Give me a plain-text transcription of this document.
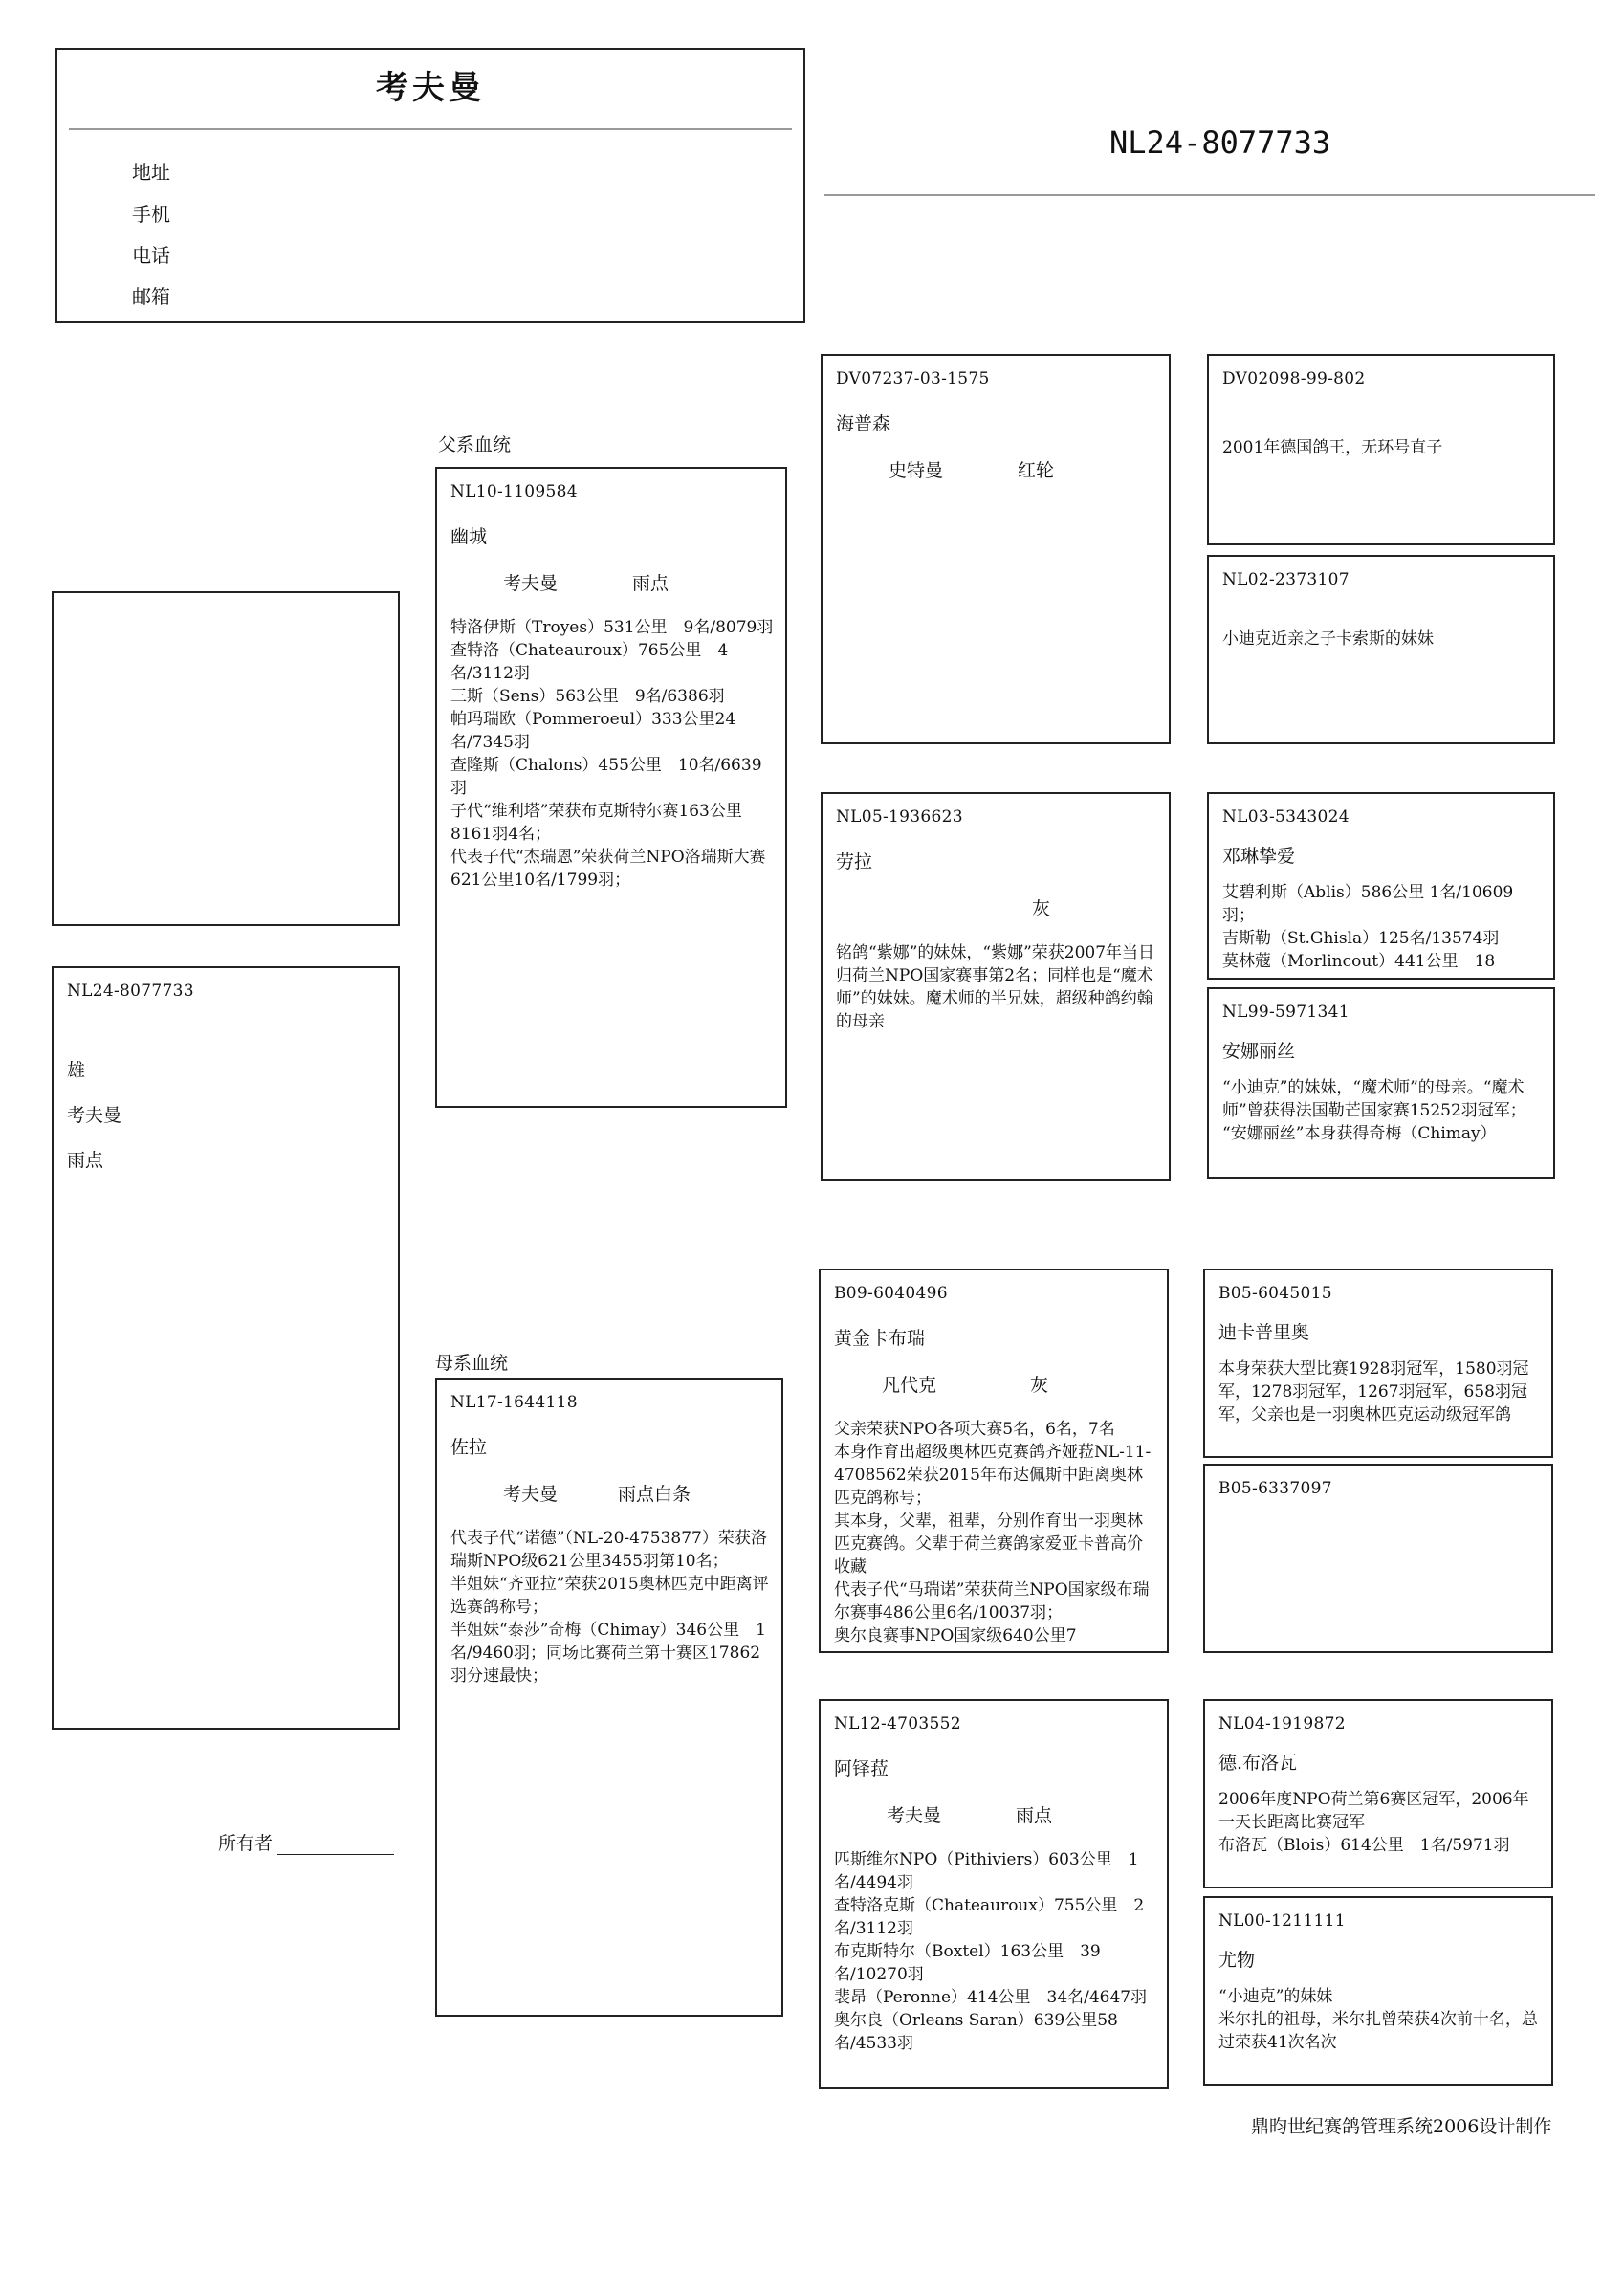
考夫曼
地址
手机
电话
邮箱
NL24-8077733
NL24-8077733
雄
考夫曼
雨点
父系血统
母系血统
所有者
鼎昀世纪赛鸽管理系统2006设计制作
NL10-1109584
幽城
考夫曼	雨点
特洛伊斯（Troyes）531公里　9名/8079羽
查特洛（Chateauroux）765公里　4名/3112羽
三斯（Sens）563公里　9名/6386羽
帕玛瑞欧（Pommeroeul）333公里24名/7345羽
查隆斯（Chalons）455公里　10名/6639羽
子代“维利塔”荣获布克斯特尔赛163公里8161羽4名；
代表子代“杰瑞恩”荣获荷兰NPO洛瑞斯大赛621公里10名/1799羽；
NL17-1644118
佐拉
考夫曼	雨点白条
代表子代“诺德”（NL-20-4753877）荣获洛瑞斯NPO级621公里3455羽第10名；
半姐妹“齐亚拉”荣获2015奥林匹克中距离评选赛鸽称号；
半姐妹“泰莎”奇梅（Chimay）346公里　1名/9460羽；同场比赛荷兰第十赛区17862羽分速最快；
DV07237-03-1575
海普森
史特曼	红轮
NL05-1936623
劳拉
灰
铭鸽“紫娜”的妹妹，“紫娜”荣获2007年当日归荷兰NPO国家赛事第2名；同样也是“魔术师”的妹妹。魔术师的半兄妹，超级种鸽约翰的母亲
B09-6040496
黄金卡布瑞
凡代克	灰
父亲荣获NPO各项大赛5名，6名，7名
本身作育出超级奥林匹克赛鸽齐娅菈NL-11-4708562荣获2015年布达佩斯中距离奥林匹克鸽称号；
其本身，父辈，祖辈，分别作育出一羽奥林匹克赛鸽。父辈于荷兰赛鸽家爱亚卡普高价收藏
代表子代“马瑞诺”荣获荷兰NPO国家级布瑞尔赛事486公里6名/10037羽；
奥尔良赛事NPO国家级640公里7
NL12-4703552
阿铎菈
考夫曼	雨点
匹斯维尔NPO（Pithiviers）603公里　1名/4494羽
查特洛克斯（Chateauroux）755公里　2名/3112羽
布克斯特尔（Boxtel）163公里　39名/10270羽
裴昂（Peronne）414公里　34名/4647羽
奥尔良（Orleans Saran）639公里58名/4533羽
DV02098-99-802
2001年德国鸽王，无环号直子
NL02-2373107
小迪克近亲之子卡索斯的妹妹
NL03-5343024
邓琳挚爱
艾碧利斯（Ablis）586公里 1名/10609羽；
吉斯勒（St.Ghisla）125名/13574羽
莫林蔻（Morlincout）441公里　18
NL99-5971341
安娜丽丝
“小迪克”的妹妹，“魔术师”的母亲。“魔术师”曾获得法国勒芒国家赛15252羽冠军；
“安娜丽丝”本身获得奇梅（Chimay）
B05-6045015
迪卡普里奥
本身荣获大型比赛1928羽冠军，1580羽冠军，1278羽冠军，1267羽冠军，658羽冠军，父亲也是一羽奥林匹克运动级冠军鸽
B05-6337097
NL04-1919872
德.布洛瓦
2006年度NPO荷兰第6赛区冠军，2006年一天长距离比赛冠军
布洛瓦（Blois）614公里　1名/5971羽
NL00-1211111
尤物
“小迪克”的妹妹
米尔扎的祖母，米尔扎曾荣获4次前十名，总过荣获41次名次
